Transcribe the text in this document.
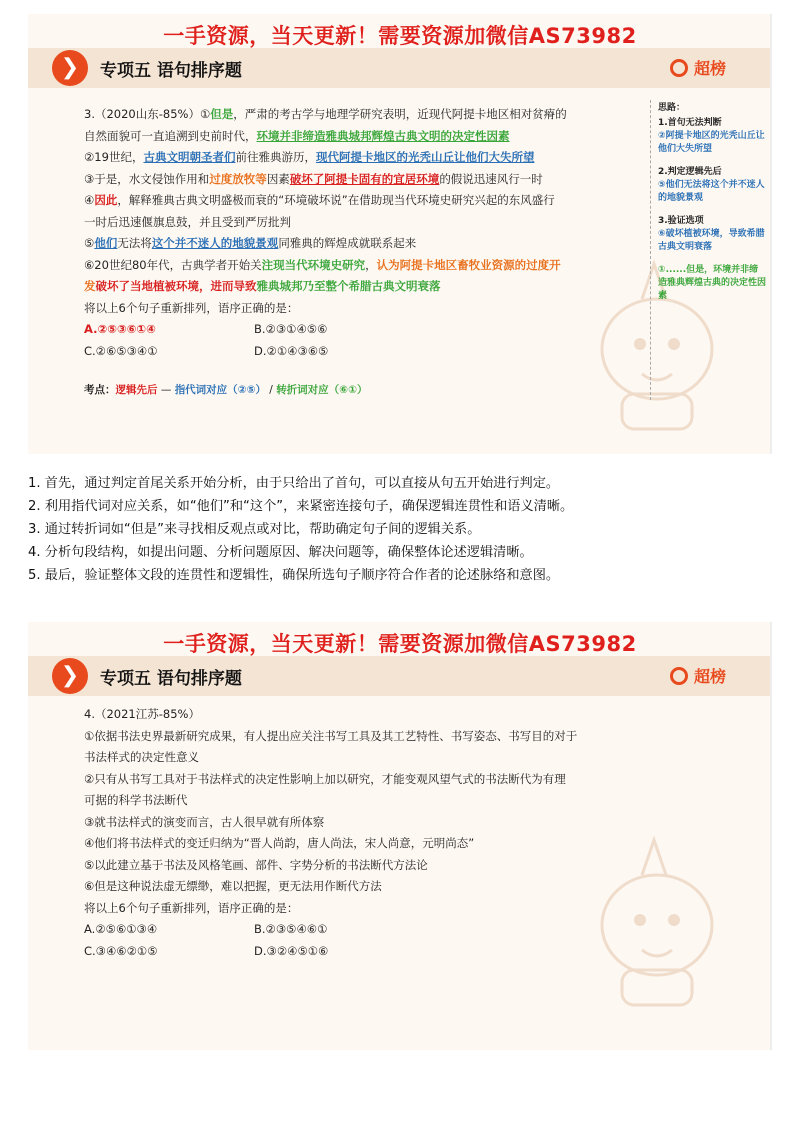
一手资源，当天更新！需要资源加微信AS73982
❯	专项五 语句排序题	超榜
3.（2020山东-85%）①但是，严肃的考古学与地理学研究表明，近现代阿提卡地区相对贫瘠的
自然面貌可一直追溯到史前时代，环境并非缔造雅典城邦辉煌古典文明的决定性因素
②19世纪，古典文明朝圣者们前往雅典游历，现代阿提卡地区的光秃山丘让他们大失所望
③于是，水文侵蚀作用和过度放牧等因素破坏了阿提卡固有的宜居环境的假说迅速风行一时
④因此，解释雅典古典文明盛极而衰的“环境破坏说”在借助现当代环境史研究兴起的东风盛行
一时后迅速偃旗息鼓，并且受到严厉批判
⑤他们无法将这个并不迷人的地貌景观同雅典的辉煌成就联系起来
⑥20世纪80年代，古典学者开始关注现当代环境史研究，认为阿提卡地区畜牧业资源的过度开
发破坏了当地植被环境，进而导致雅典城邦乃至整个希腊古典文明衰落
将以上6个句子重新排列，语序正确的是：
A.②⑤③⑥①④	B.②③①④⑤⑥
C.②⑥⑤③④①	D.②①④③⑥⑤
考点：逻辑先后 — 指代词对应（②⑤） / 转折词对应（⑥①）
思路：
1.首句无法判断
②阿提卡地区的光秃山丘让他们大失所望
2.判定逻辑先后
⑤他们无法将这个并不迷人的地貌景观
3.验证选项
⑥破坏植被环境，导致希腊古典文明衰落
①......但是，环境并非缔造雅典辉煌古典的决定性因素
1. 首先，通过判定首尾关系开始分析，由于只给出了首句，可以直接从句五开始进行判定。
2. 利用指代词对应关系，如“他们”和“这个”，来紧密连接句子，确保逻辑连贯性和语义清晰。
3. 通过转折词如“但是”来寻找相反观点或对比，帮助确定句子间的逻辑关系。
4. 分析句段结构，如提出问题、分析问题原因、解决问题等，确保整体论述逻辑清晰。
5. 最后，验证整体文段的连贯性和逻辑性，确保所选句子顺序符合作者的论述脉络和意图。
一手资源，当天更新！需要资源加微信AS73982
❯	专项五 语句排序题	超榜
4.（2021江苏-85%）
①依据书法史界最新研究成果，有人提出应关注书写工具及其工艺特性、书写姿态、书写目的对于
书法样式的决定性意义
②只有从书写工具对于书法样式的决定性影响上加以研究，才能变观风望气式的书法断代为有理
可据的科学书法断代
③就书法样式的演变而言，古人很早就有所体察
④他们将书法样式的变迁归纳为“晋人尚韵，唐人尚法，宋人尚意，元明尚态”
⑤以此建立基于书法及风格笔画、部件、字势分析的书法断代方法论
⑥但是这种说法虚无缥缈，难以把握，更无法用作断代方法
将以上6个句子重新排列，语序正确的是：
A.②⑤⑥①③④	B.②③⑤④⑥①
C.③④⑥②①⑤	D.③②④⑤①⑥
